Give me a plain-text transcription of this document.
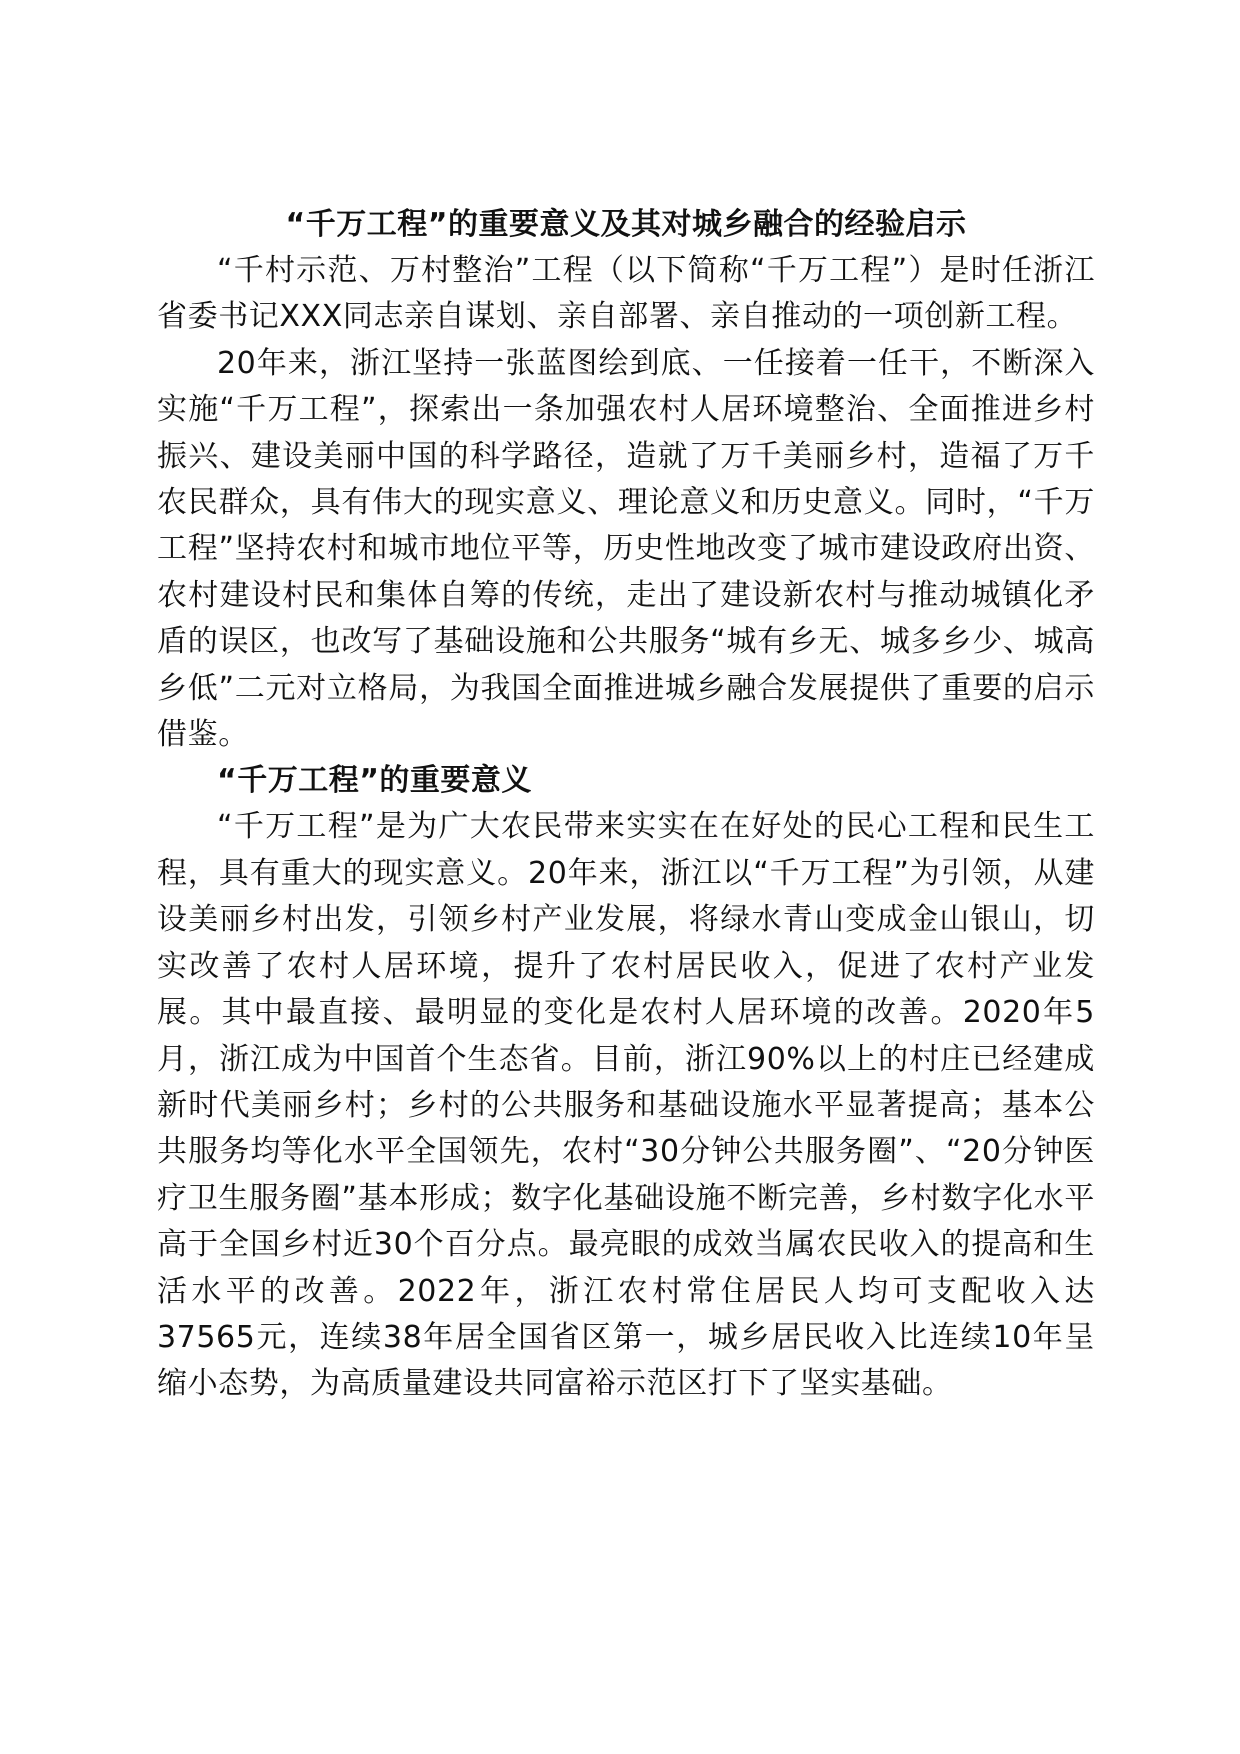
“千万工程”的重要意义及其对城乡融合的经验启示

“千村示范、万村整治”工程（以下简称“千万工程”）是时任浙江省委书记XXX同志亲自谋划、亲自部署、亲自推动的一项创新工程。

20年来，浙江坚持一张蓝图绘到底、一任接着一任干，不断深入实施“千万工程”，探索出一条加强农村人居环境整治、全面推进乡村振兴、建设美丽中国的科学路径，造就了万千美丽乡村，造福了万千农民群众，具有伟大的现实意义、理论意义和历史意义。同时，“千万工程”坚持农村和城市地位平等，历史性地改变了城市建设政府出资、农村建设村民和集体自筹的传统，走出了建设新农村与推动城镇化矛盾的误区，也改写了基础设施和公共服务“城有乡无、城多乡少、城高乡低”二元对立格局，为我国全面推进城乡融合发展提供了重要的启示借鉴。

“千万工程”的重要意义

“千万工程”是为广大农民带来实实在在好处的民心工程和民生工程，具有重大的现实意义。20年来，浙江以“千万工程”为引领，从建设美丽乡村出发，引领乡村产业发展，将绿水青山变成金山银山，切实改善了农村人居环境，提升了农村居民收入，促进了农村产业发展。其中最直接、最明显的变化是农村人居环境的改善。2020年5月，浙江成为中国首个生态省。目前，浙江90%以上的村庄已经建成新时代美丽乡村；乡村的公共服务和基础设施水平显著提高；基本公共服务均等化水平全国领先，农村“30分钟公共服务圈”、“20分钟医疗卫生服务圈”基本形成；数字化基础设施不断完善，乡村数字化水平高于全国乡村近30个百分点。最亮眼的成效当属农民收入的提高和生活水平的改善。2022年，浙江农村常住居民人均可支配收入达37565元，连续38年居全国省区第一，城乡居民收入比连续10年呈缩小态势，为高质量建设共同富裕示范区打下了坚实基础。
